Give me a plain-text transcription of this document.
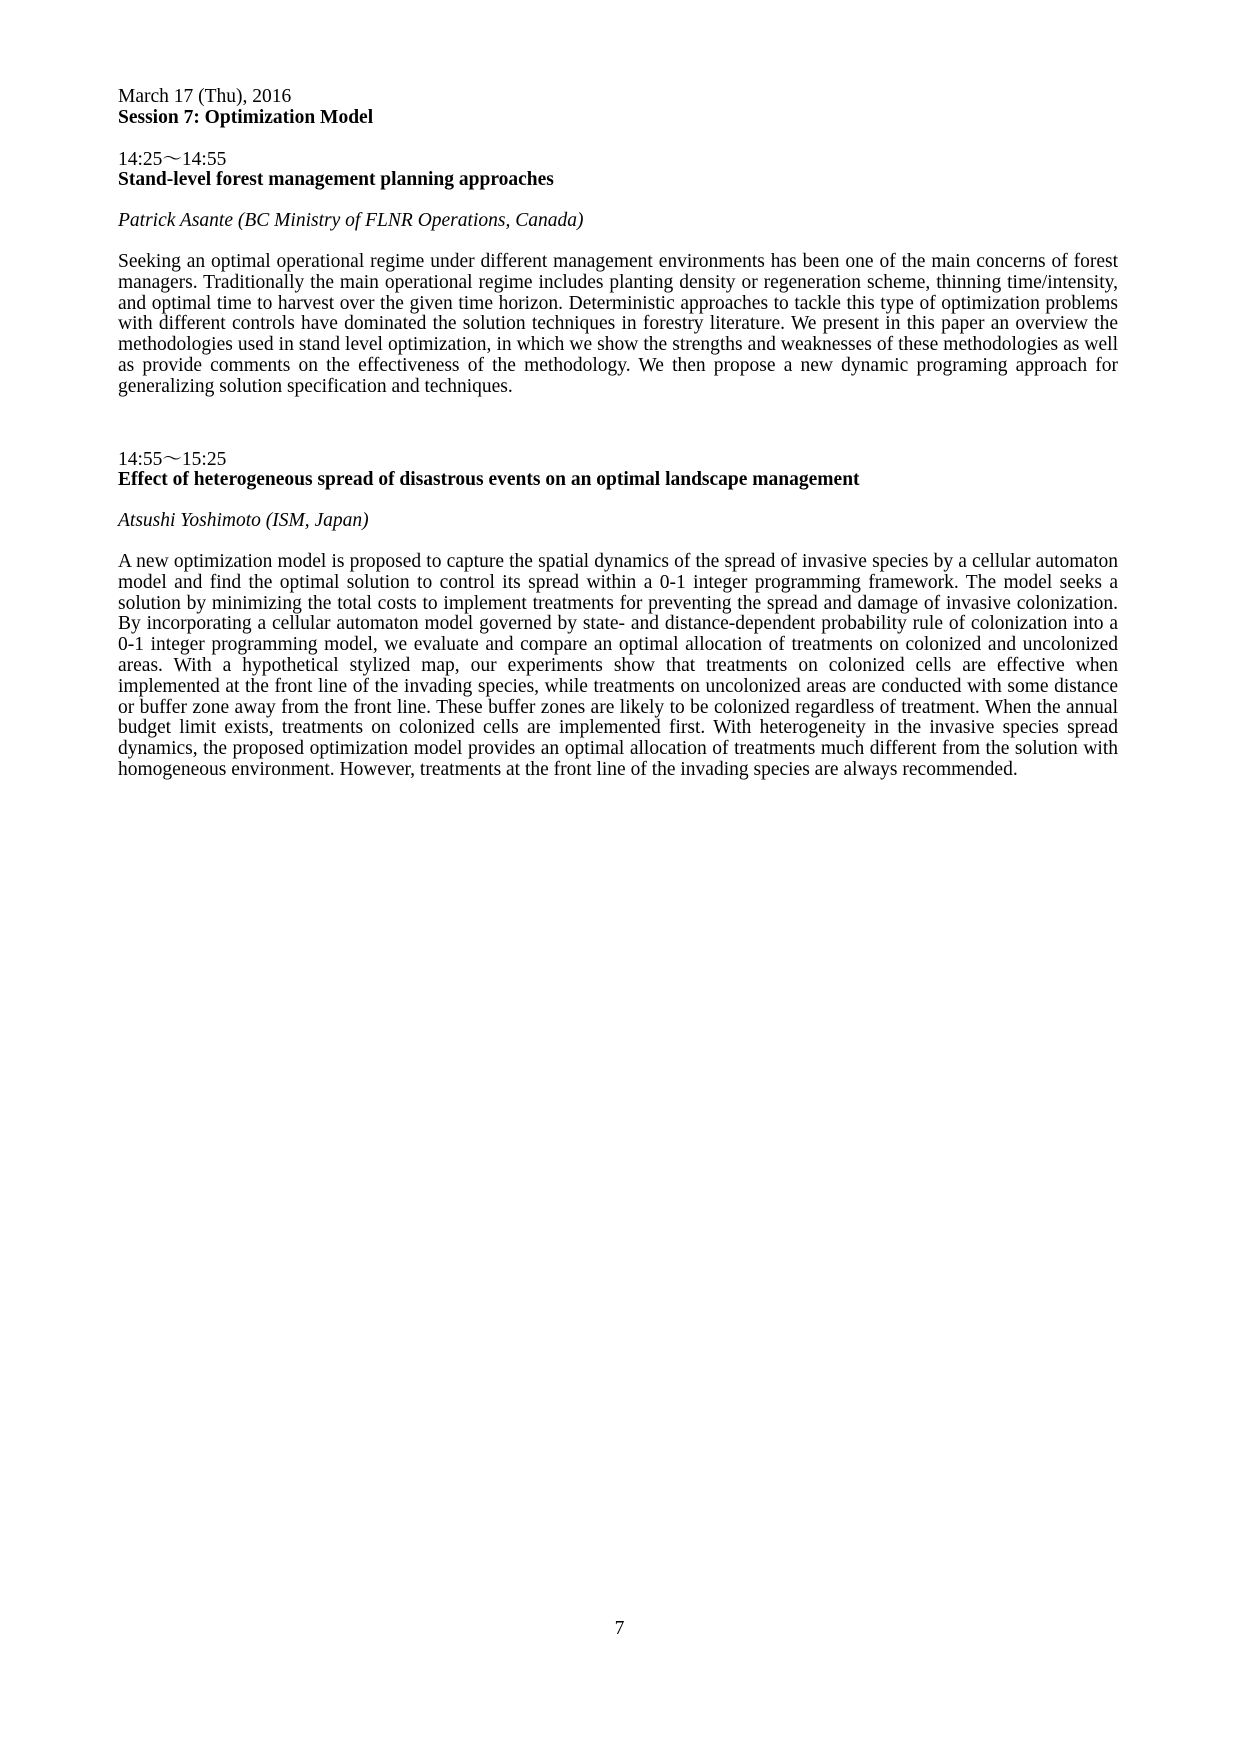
March 17 (Thu), 2016
Session 7: Optimization Model
14:25〜14:55
Stand-level forest management planning approaches
Patrick Asante (BC Ministry of FLNR Operations, Canada)

Seeking an optimal operational regime under different management environments has been one of the main concerns of forest managers. Traditionally the main operational regime includes planting density or regeneration scheme, thinning time/intensity, and optimal time to harvest over the given time horizon. Deterministic approaches to tackle this type of optimization problems with different controls have dominated the solution techniques in forestry literature. We present in this paper an overview the methodologies used in stand level optimization, in which we show the strengths and weaknesses of these methodologies as well as provide comments on the effectiveness of the methodology. We then propose a new dynamic programing approach for generalizing solution specification and techniques.

14:55〜15:25
Effect of heterogeneous spread of disastrous events on an optimal landscape management
Atsushi Yoshimoto (ISM, Japan)

A new optimization model is proposed to capture the spatial dynamics of the spread of invasive species by a cellular automaton model and find the optimal solution to control its spread within a 0-1 integer programming framework. The model seeks a solution by minimizing the total costs to implement treatments for preventing the spread and damage of invasive colonization. By incorporating a cellular automaton model governed by state- and distance-dependent probability rule of colonization into a 0-1 integer programming model, we evaluate and compare an optimal allocation of treatments on colonized and uncolonized areas. With a hypothetical stylized map, our experiments show that treatments on colonized cells are effective when implemented at the front line of the invading species, while treatments on uncolonized areas are conducted with some distance or buffer zone away from the front line. These buffer zones are likely to be colonized regardless of treatment. When the annual budget limit exists, treatments on colonized cells are implemented first. With heterogeneity in the invasive species spread dynamics, the proposed optimization model provides an optimal allocation of treatments much different from the solution with homogeneous environment. However, treatments at the front line of the invading species are always recommended.

7
